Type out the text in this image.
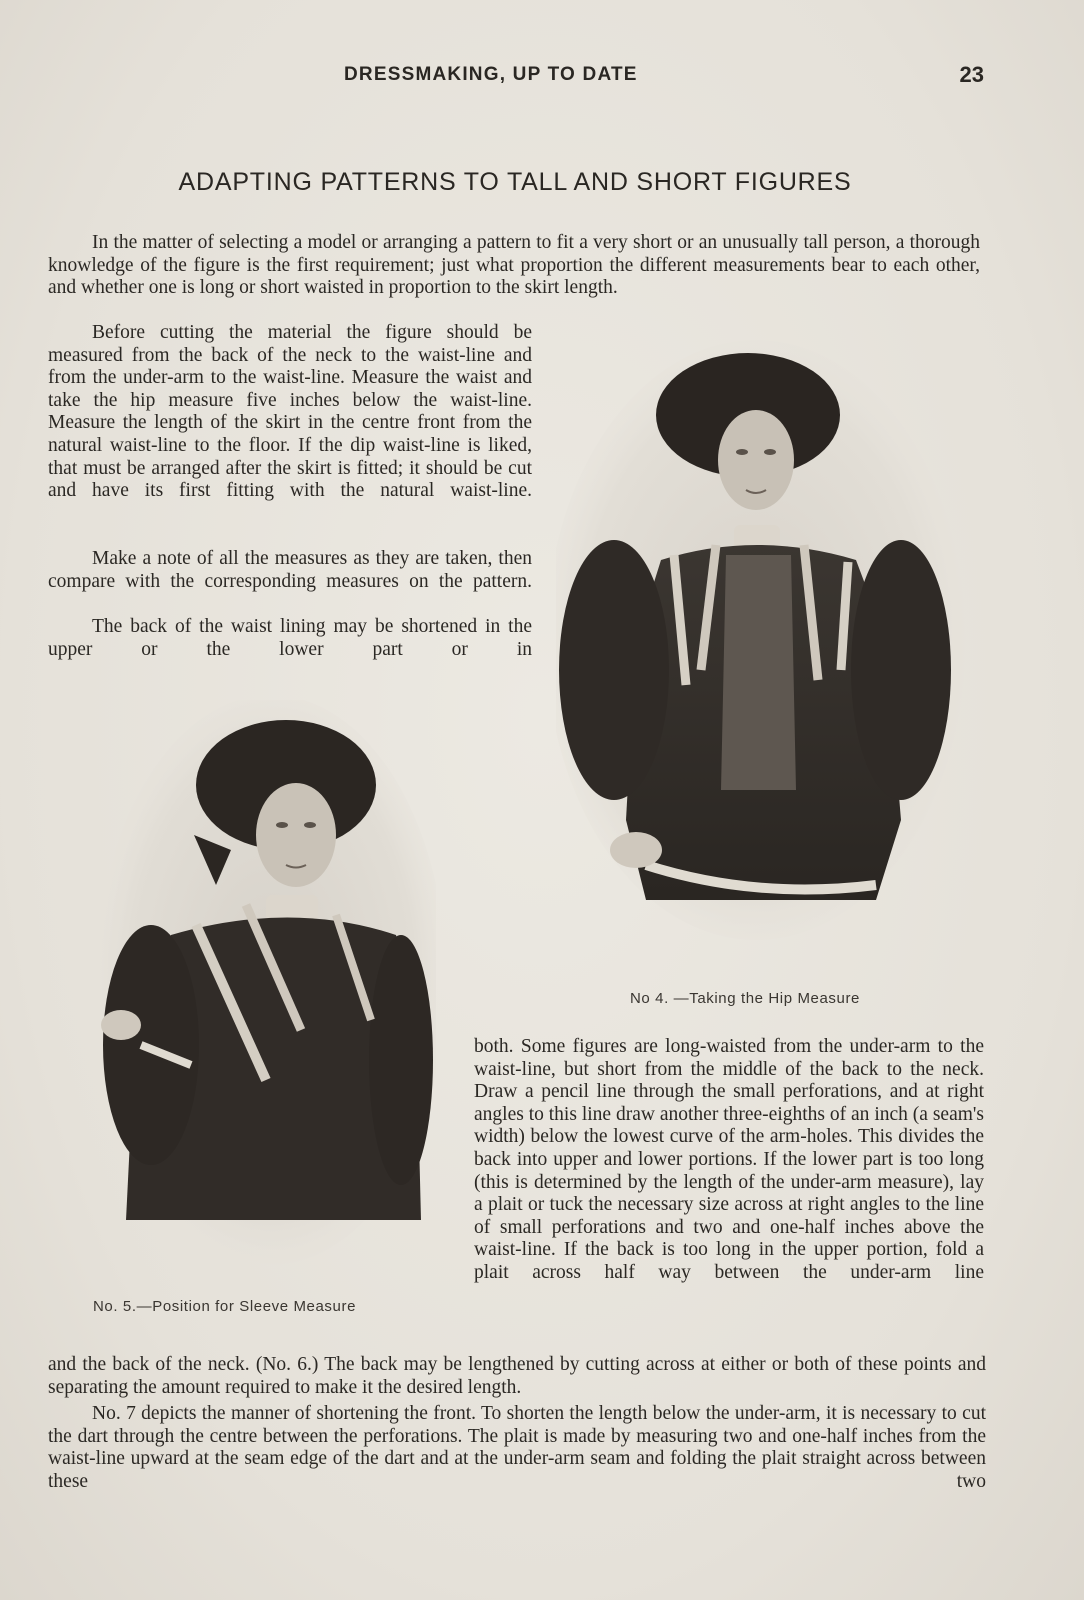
DRESSMAKING, UP TO DATE	23
ADAPTING PATTERNS TO TALL AND SHORT FIGURES

In the matter of selecting a model or arranging a pattern to fit a very short or an unusually tall person, a thorough knowledge of the figure is the first requirement; just what proportion the different measurements bear to each other, and whether one is long or short waisted in proportion to the skirt length.

Before cutting the material the figure should be measured from the back of the neck to the waist-line and from the under-arm to the waist-line. Measure the waist and take the hip measure five inches below the waist-line. Measure the length of the skirt in the centre front from the natural waist-line to the floor. If the dip waist-line is liked, that must be arranged after the skirt is fitted; it should be cut and have its first fitting with the natural waist-line.

Make a note of all the measures as they are taken, then compare with the corresponding measures on the pattern.

The back of the waist lining may be shortened in the upper or the lower part or in

No 4. —Taking the Hip Measure
No. 5.—Position for Sleeve Measure

both. Some figures are long-waisted from the under-arm to the waist-line, but short from the middle of the back to the neck. Draw a pencil line through the small perforations, and at right angles to this line draw another three-eighths of an inch (a seam's width) below the lowest curve of the arm-holes. This divides the back into upper and lower portions. If the lower part is too long (this is determined by the length of the under-arm measure), lay a plait or tuck the necessary size across at right angles to the line of small perforations and two and one-half inches above the waist-line. If the back is too long in the upper portion, fold a plait across half way between the under-arm line

and the back of the neck. (No. 6.) The back may be lengthened by cutting across at either or both of these points and separating the amount required to make it the desired length.

No. 7 depicts the manner of shortening the front. To shorten the length below the under-arm, it is necessary to cut the dart through the centre between the perforations. The plait is made by measuring two and one-half inches from the waist-line upward at the seam edge of the dart and at the under-arm seam and folding the plait straight across between these two
